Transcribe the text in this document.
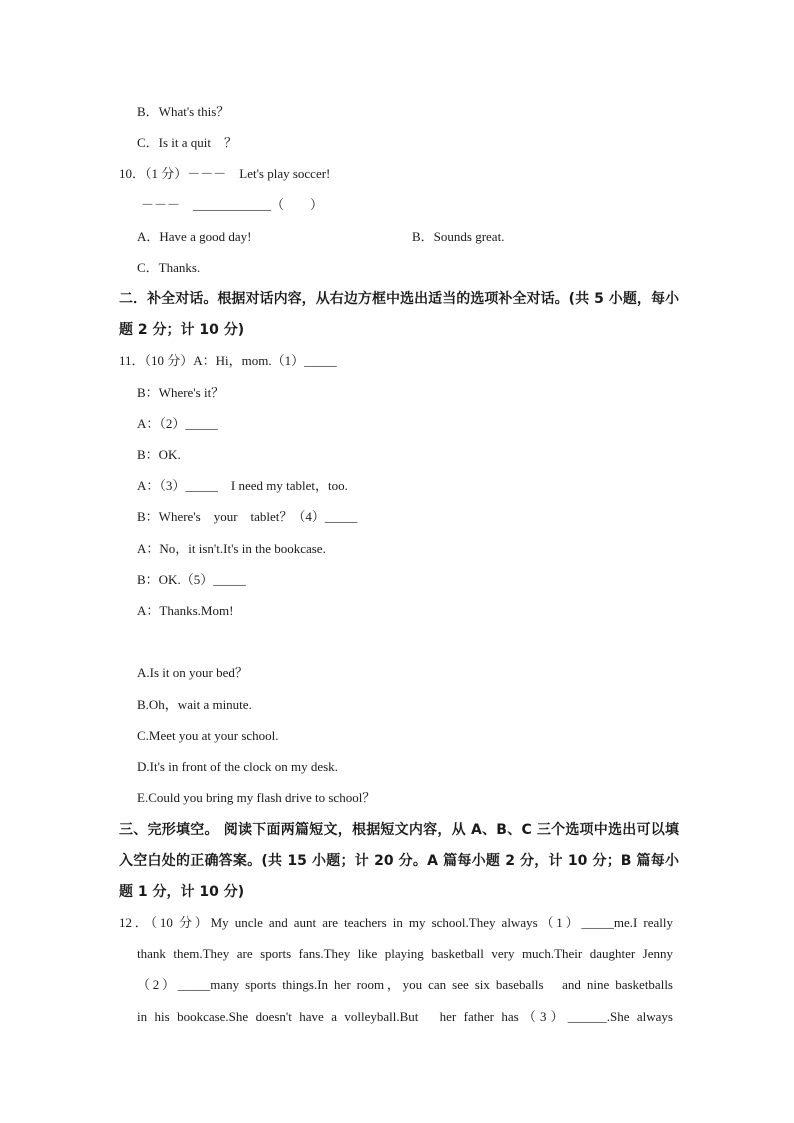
B．What's this？
C．Is it a quit　？
10．（1 分）－－－　Let's play soccer!
－－－　____________（　　）
A．Have a good day!	B．Sounds great.
C．Thanks.
二．补全对话。根据对话内容，从右边方框中选出适当的选项补全对话。(共 5 小题，每小题 2 分；计 10 分)
11．（10 分）A：Hi，mom.（1）_____
B：Where's it？
A：（2）_____
B：OK.
A：（3）_____　I need my tablet，too.
B：Where's　your　tablet？（4）_____
A：No，it isn't.It's in the bookcase.
B：OK.（5）_____
A：Thanks.Mom!
A.Is it on your bed？
B.Oh，wait a minute.
C.Meet you at your school.
D.It's in front of the clock on my desk.
E.Could you bring my flash drive to school？
三、完形填空。 阅读下面两篇短文，根据短文内容，从 A、B、C 三个选项中选出可以填入空白处的正确答案。(共 15 小题；计 20 分。A 篇每小题 2 分，计 10 分；B 篇每小题 1 分，计 10 分)
12．（10 分）My uncle and aunt are teachers in my school.They always（1）_____me.I really
thank them.They are sports fans.They like playing basketball very much.Their daughter Jenny
（2）_____many sports things.In her room，you can see six baseballs　and nine basketballs
in his bookcase.She doesn't have a volleyball.But　her father has（3）______.She always
